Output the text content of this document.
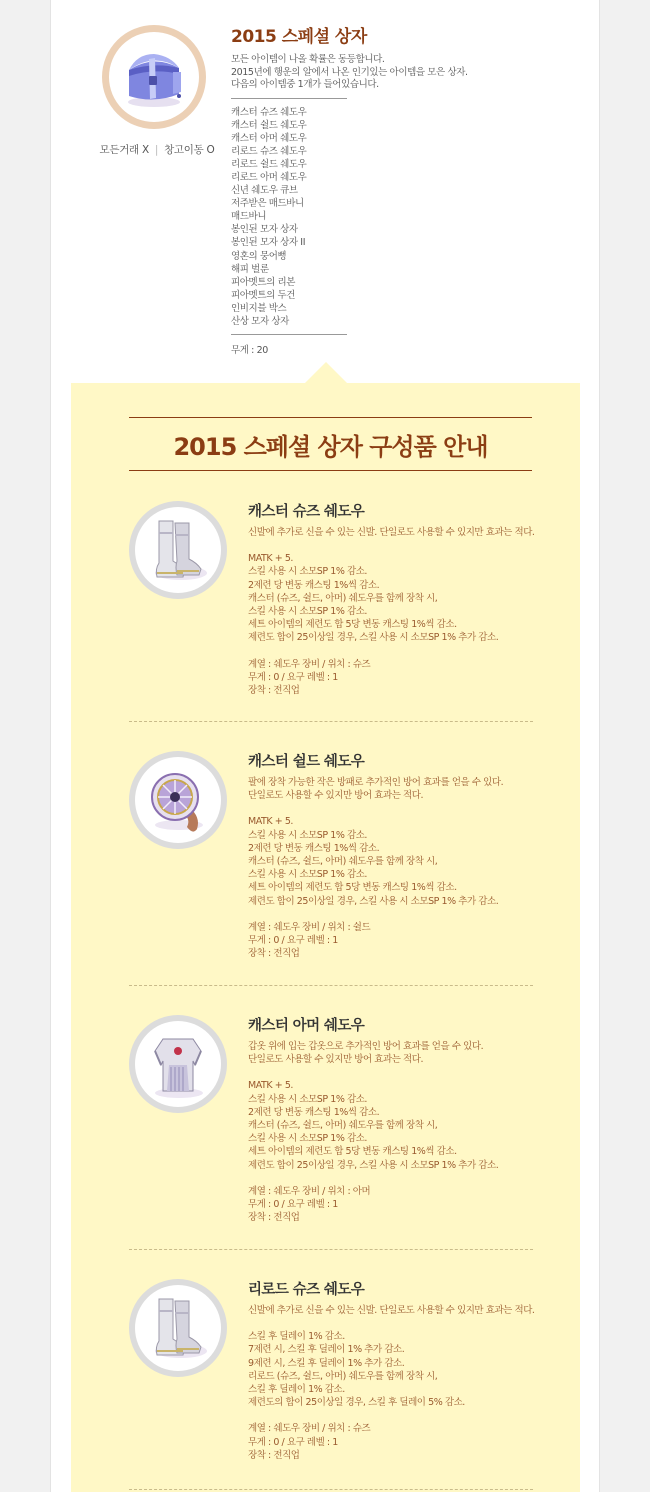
모든거래 X | 창고이동 O
2015 스페셜 상자
모든 아이템이 나올 확률은 동등합니다.
2015년에 행운의 알에서 나온 인기있는 아이템을 모은 상자.
다음의 아이템중 1개가 들어있습니다.
캐스터 슈즈 쉐도우
캐스터 쉴드 쉐도우
캐스터 아머 쉐도우
리로드 슈즈 쉐도우
리로드 쉴드 쉐도우
리로드 아머 쉐도우
신년 쉐도우 큐브
저주받은 매드바니
매드바니
봉인된 모자 상자
봉인된 모자 상자 II
영혼의 뭉어뻥
해피 벌룬
피아멧트의 리본
피아멧트의 두건
인비지블 박스
산상 모자 상자
무게 : 20
2015 스페셜 상자 구성품 안내
캐스터 슈즈 쉐도우
신발에 추가로 신을 수 있는 신발. 단일로도 사용할 수 있지만 효과는 적다.
MATK + 5.
스킬 사용 시 소모SP 1% 감소.
2제련 당 변동 캐스팅 1%씩 감소.
캐스터 (슈즈, 쉴드, 아머) 쉐도우를 함께 장착 시,
스킬 사용 시 소모SP 1% 감소.
세트 아이템의 제련도 합 5당 변동 캐스팅 1%씩 감소.
제련도 합이 25이상일 경우, 스킬 사용 시 소모SP 1% 추가 감소.
계열 : 쉐도우 장비 / 위치 : 슈즈
무게 : 0 / 요구 레벨 : 1
장착 : 전직업
캐스터 쉴드 쉐도우
팔에 장착 가능한 작은 방패로 추가적인 방어 효과를 얻을 수 있다.
단일로도 사용할 수 있지만 방어 효과는 적다.
MATK + 5.
스킬 사용 시 소모SP 1% 감소.
2제련 당 변동 캐스팅 1%씩 감소.
캐스터 (슈즈, 쉴드, 아머) 쉐도우를 함께 장착 시,
스킬 사용 시 소모SP 1% 감소.
세트 아이템의 제련도 합 5당 변동 캐스팅 1%씩 감소.
제련도 합이 25이상일 경우, 스킬 사용 시 소모SP 1% 추가 감소.
계열 : 쉐도우 장비 / 위치 : 쉴드
무게 : 0 / 요구 레벨 : 1
장착 : 전직업
캐스터 아머 쉐도우
갑옷 위에 입는 갑옷으로 추가적인 방어 효과를 얻을 수 있다.
단일로도 사용할 수 있지만 방어 효과는 적다.
MATK + 5.
스킬 사용 시 소모SP 1% 감소.
2제련 당 변동 캐스팅 1%씩 감소.
캐스터 (슈즈, 쉴드, 아머) 쉐도우를 함께 장착 시,
스킬 사용 시 소모SP 1% 감소.
세트 아이템의 제련도 합 5당 변동 캐스팅 1%씩 감소.
제련도 합이 25이상일 경우, 스킬 사용 시 소모SP 1% 추가 감소.
계열 : 쉐도우 장비 / 위치 : 아머
무게 : 0 / 요구 레벨 : 1
장착 : 전직업
리로드 슈즈 쉐도우
신발에 추가로 신을 수 있는 신발. 단일로도 사용할 수 있지만 효과는 적다.
스킬 후 딜레이 1% 감소.
7제련 시, 스킬 후 딜레이 1% 추가 감소.
9제련 시, 스킬 후 딜레이 1% 추가 감소.
리로드 (슈즈, 쉴드, 아머) 쉐도우를 함께 장착 시,
스킬 후 딜레이 1% 감소.
제련도의 합이 25이상일 경우, 스킬 후 딜레이 5% 감소.
계열 : 쉐도우 장비 / 위치 : 슈즈
무게 : 0 / 요구 레벨 : 1
장착 : 전직업
